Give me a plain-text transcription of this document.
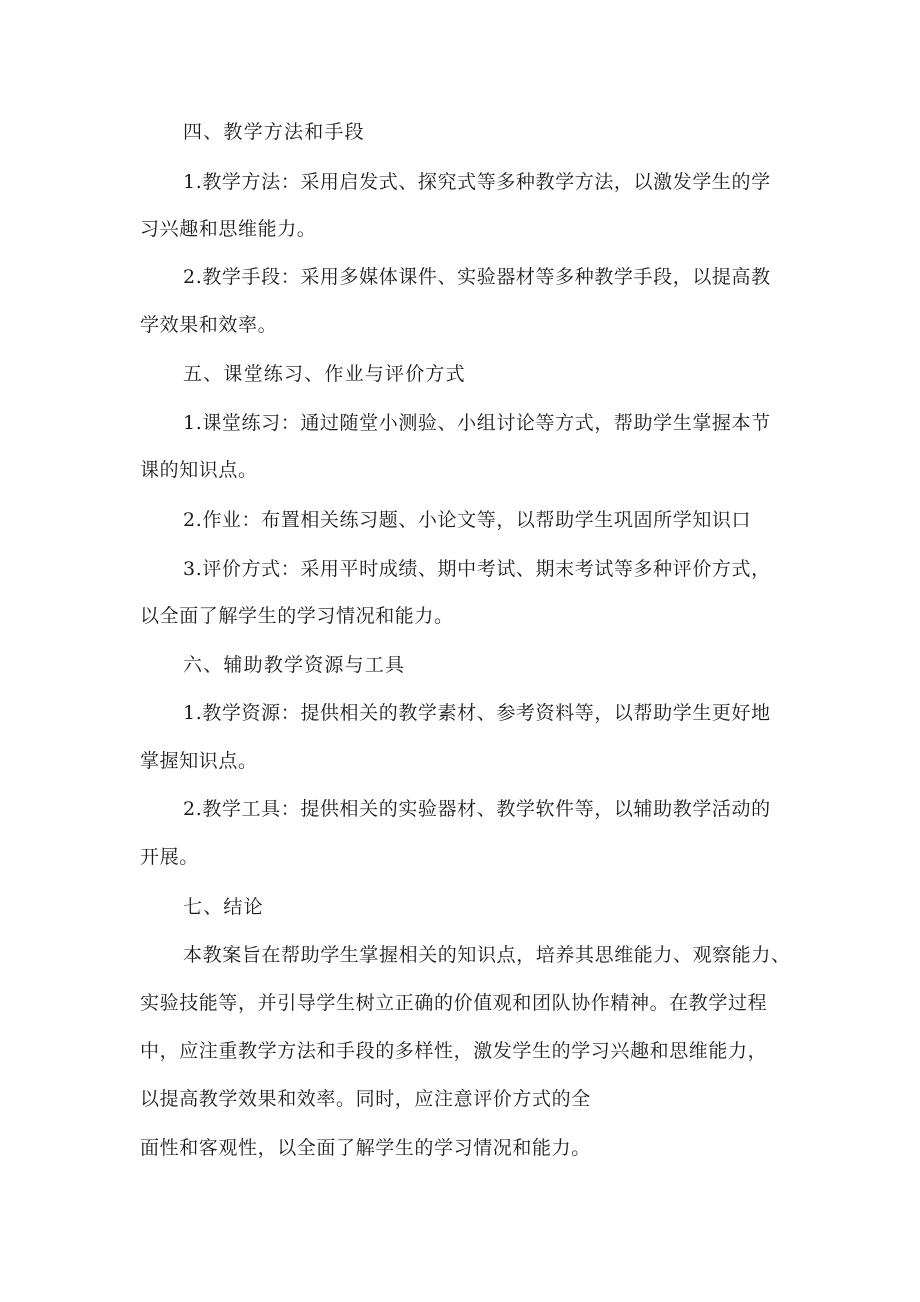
四、教学方法和手段
1.教学方法：采用启发式、探究式等多种教学方法，以激发学生的学
习兴趣和思维能力。
2.教学手段：采用多媒体课件、实验器材等多种教学手段，以提高教
学效果和效率。
五、课堂练习、作业与评价方式
1.课堂练习：通过随堂小测验、小组讨论等方式，帮助学生掌握本节
课的知识点。
2.作业：布置相关练习题、小论文等，以帮助学生巩固所学知识口
3.评价方式：采用平时成绩、期中考试、期末考试等多种评价方式，
以全面了解学生的学习情况和能力。
六、辅助教学资源与工具
1.教学资源：提供相关的教学素材、参考资料等，以帮助学生更好地
掌握知识点。
2.教学工具：提供相关的实验器材、教学软件等，以辅助教学活动的
开展。
七、结论
本教案旨在帮助学生掌握相关的知识点，培养其思维能力、观察能力、
实验技能等，并引导学生树立正确的价值观和团队协作精神。在教学过程
中，应注重教学方法和手段的多样性，激发学生的学习兴趣和思维能力，
以提高教学效果和效率。同时，应注意评价方式的全
面性和客观性，以全面了解学生的学习情况和能力。
